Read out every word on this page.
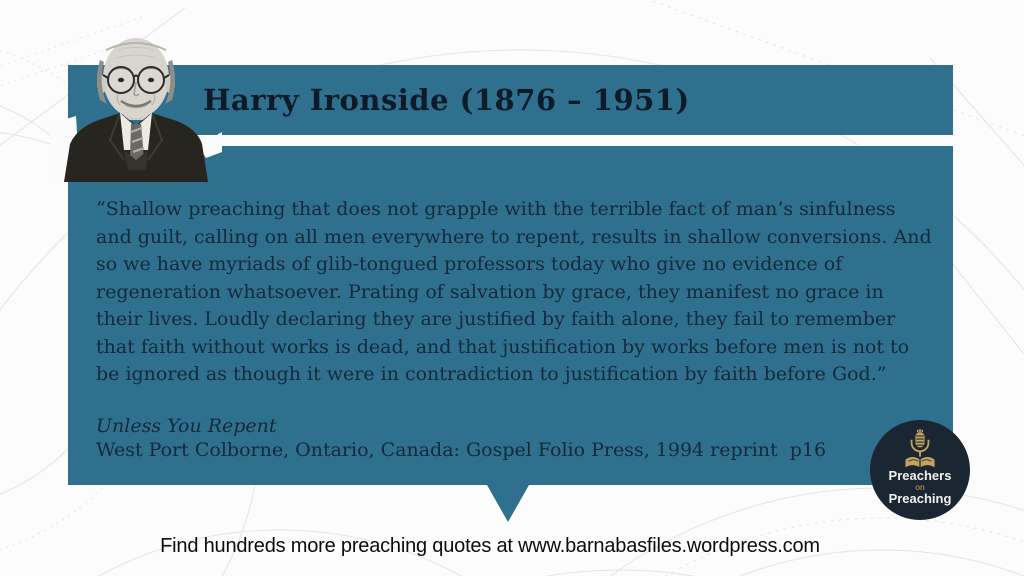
Harry Ironside (1876 – 1951)

“Shallow preaching that does not grapple with the terrible fact of man’s sinfulness and guilt, calling on all men everywhere to repent, results in shallow conversions. And so we have myriads of glib-tongued professors today who give no evidence of regeneration whatsoever. Prating of salvation by grace, they manifest no grace in their lives. Loudly declaring they are justified by faith alone, they fail to remember that faith without works is dead, and that justification by works before men is not to be ignored as though it were in contradiction to justification by faith before God.”

Unless You Repent

West Port Colborne, Ontario, Canada: Gospel Folio Press, 1994 reprint  p16

Preachers
on
Preaching
Find hundreds more preaching quotes at www.barnabasfiles.wordpress.com
